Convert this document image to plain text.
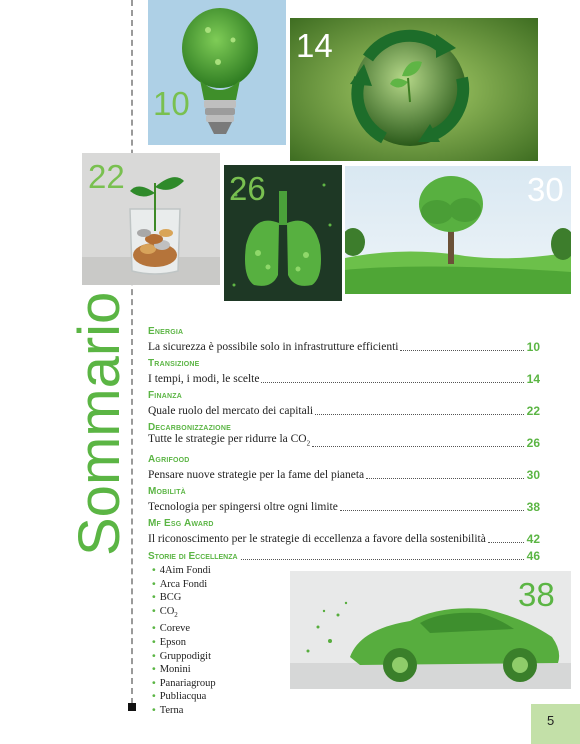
10
14
22	26	30
38
Sommario Energia
La sicurezza è possibile solo in infrastrutture efficienti	10
Transizione
I tempi, i modi, le scelte	14
Finanza
Quale ruolo del mercato dei capitali	22
Decarbonizzazione
Tutte le strategie per ridurre la $CO_2$	26
Agrifood
Pensare nuove strategie per la fame del pianeta	30
Mobilità
Tecnologia per spingersi oltre ogni limite	38
Mf Esg Award
Il riconoscimento per le strategie di eccellenza a favore della sostenibilità	42
Storie di Eccellenza	46
• 4Aim Fondi
• Arca Fondi
• BCG
• $CO_2$
• Coreve
• Epson
• Gruppodigit
• Monini
• Panariagroup
• Publiacqua
• Terna
5
